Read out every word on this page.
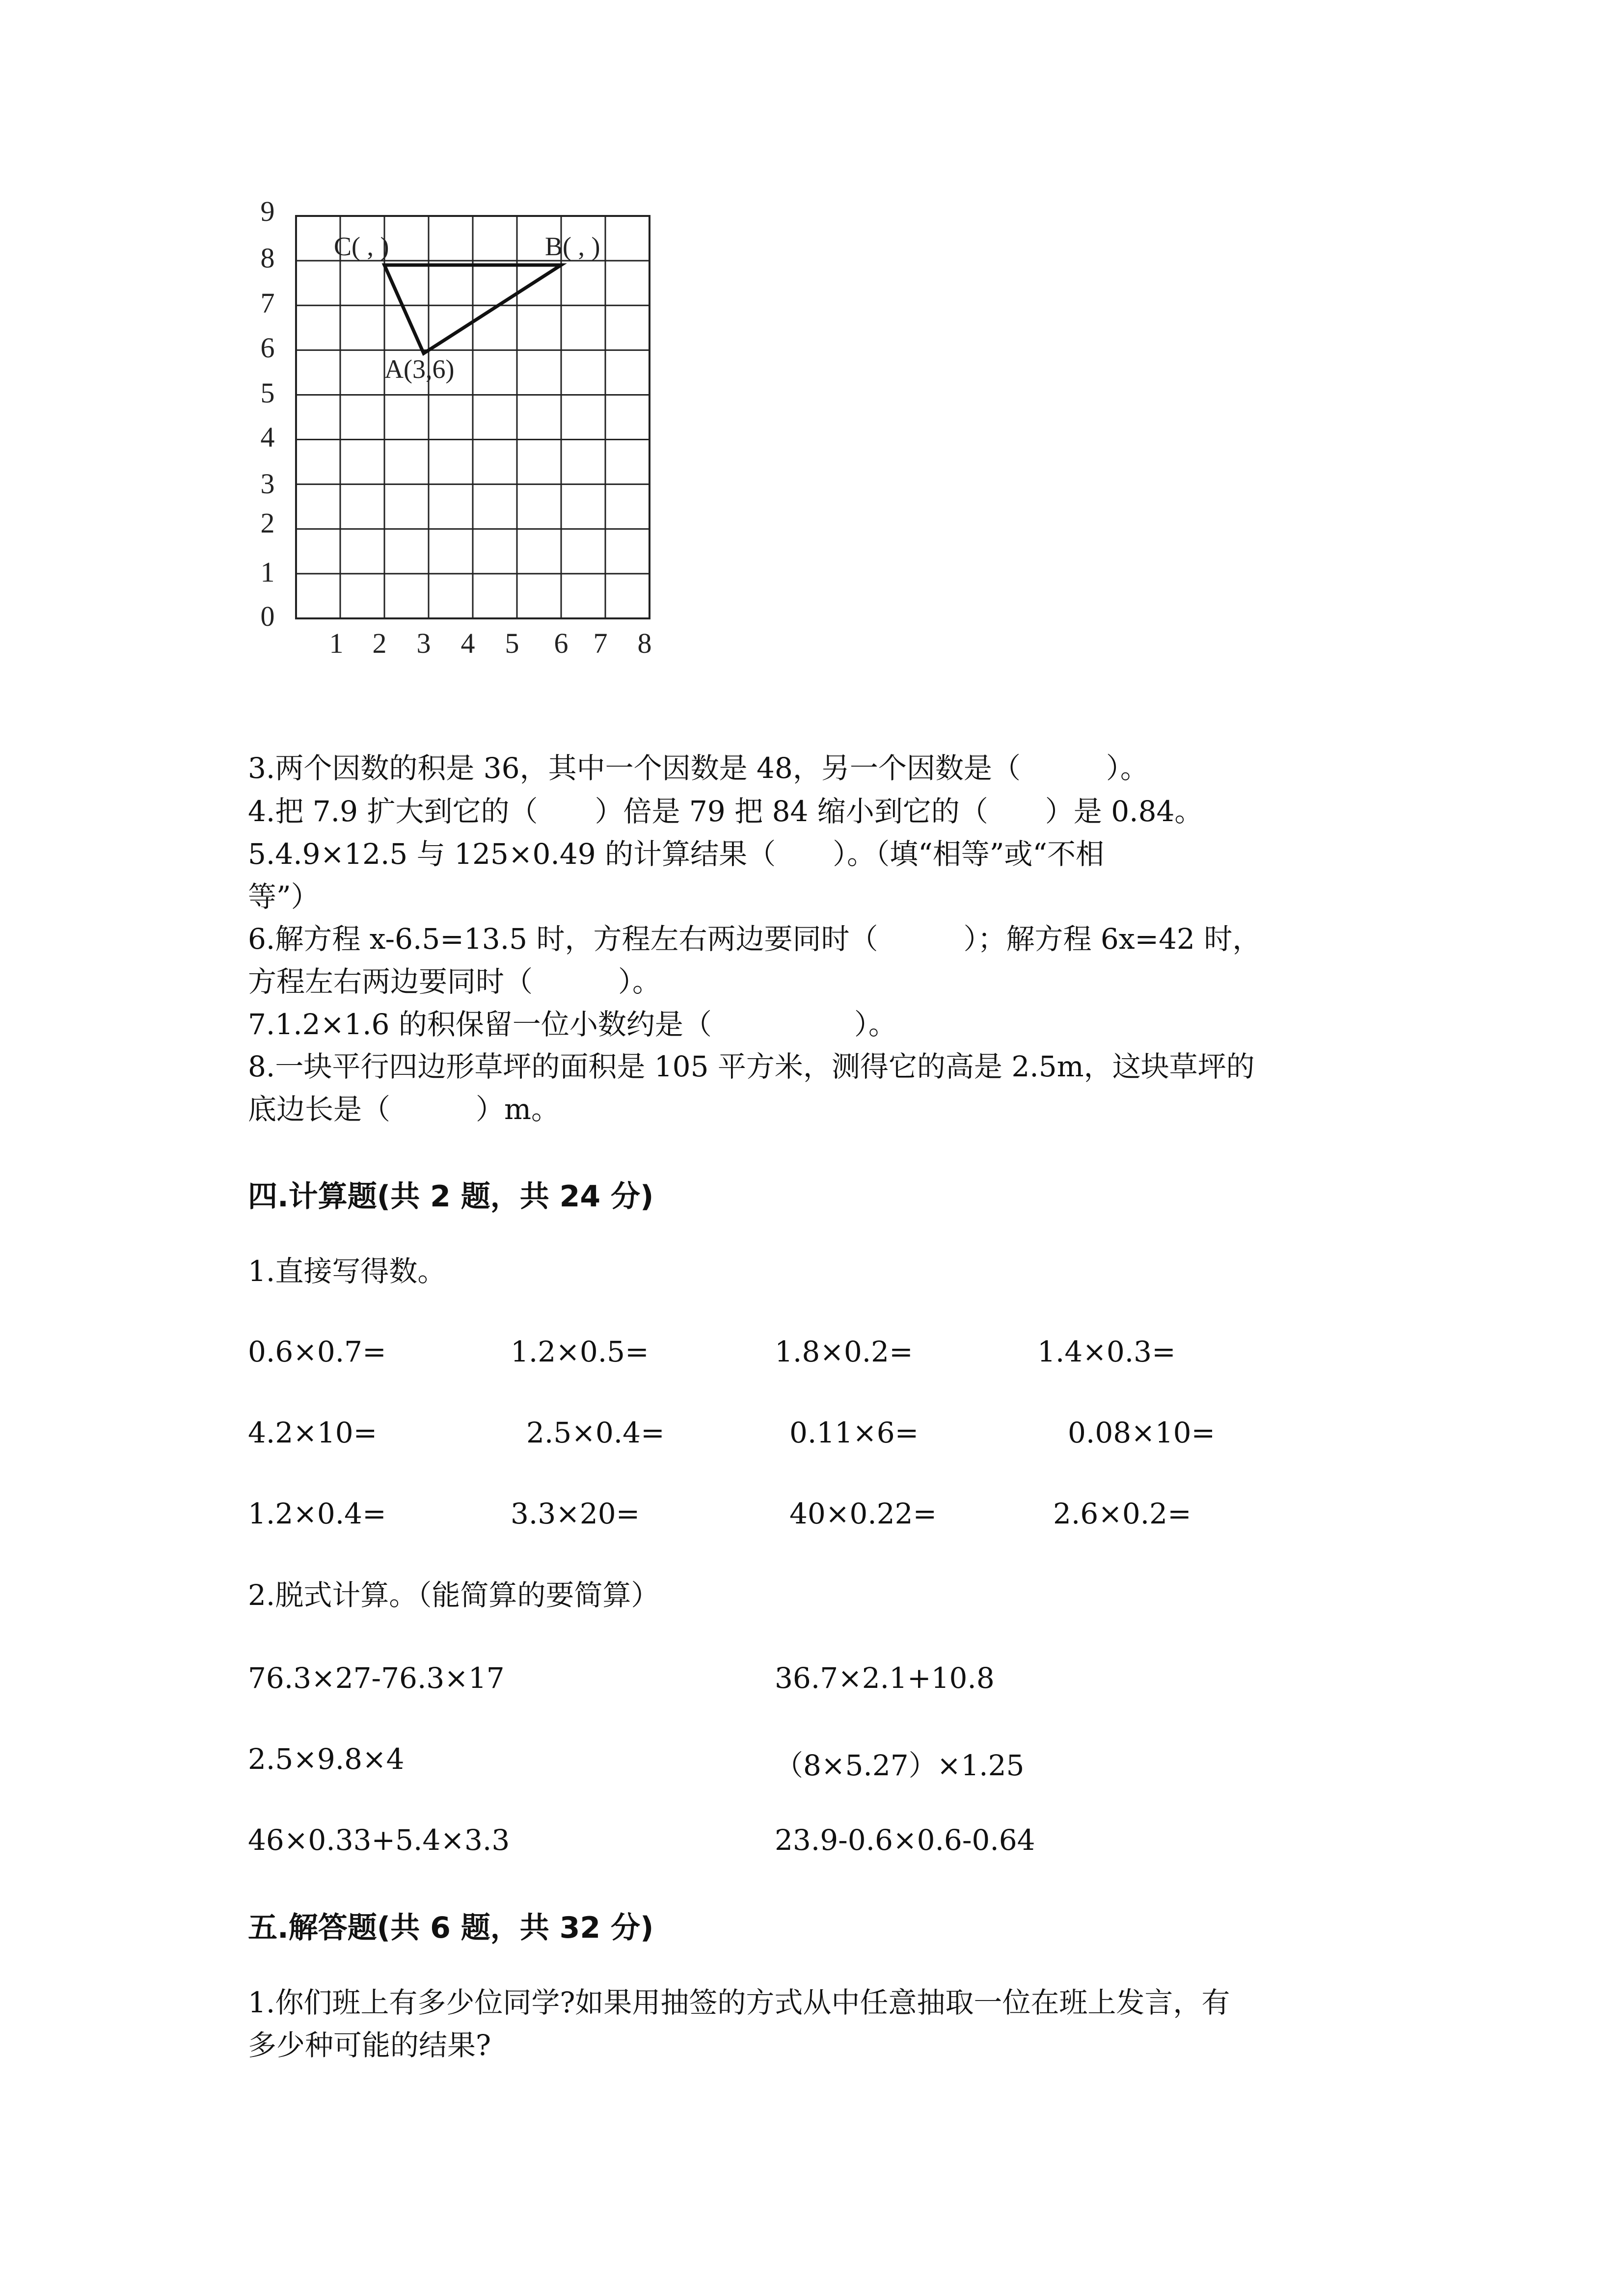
9
8
7
6
5
4
3
2
1
0
1 2 3 4 5 6 7 8
C( , )	B( , )
A(3,6)
3.两个因数的积是 36，其中一个因数是 48，另一个因数是（　　　）。
4.把 7.9 扩大到它的（　　）倍是 79 把 84 缩小到它的（　　）是 0.84。
5.4.9×12.5 与 125×0.49 的计算结果（　　）。（填“相等”或“不相
等”）
6.解方程 x-6.5=13.5 时，方程左右两边要同时（　　　）；解方程 6x=42 时，
方程左右两边要同时（　　　）。
7.1.2×1.6 的积保留一位小数约是（　　　　　）。
8.一块平行四边形草坪的面积是 105 平方米，测得它的高是 2.5m，这块草坪的
底边长是（　　　）m。
四.计算题(共 2 题，共 24 分)
1.直接写得数。
0.6×0.7=	1.2×0.5=	1.8×0.2=	1.4×0.3=
4.2×10=	2.5×0.4=	0.11×6=	0.08×10=
1.2×0.4=	3.3×20=	40×0.22=	2.6×0.2=
2.脱式计算。（能简算的要简算）
76.3×27-76.3×17	36.7×2.1+10.8
2.5×9.8×4	（8×5.27）×1.25
46×0.33+5.4×3.3	23.9-0.6×0.6-0.64
五.解答题(共 6 题，共 32 分)
1.你们班上有多少位同学?如果用抽签的方式从中任意抽取一位在班上发言，有
多少种可能的结果?
